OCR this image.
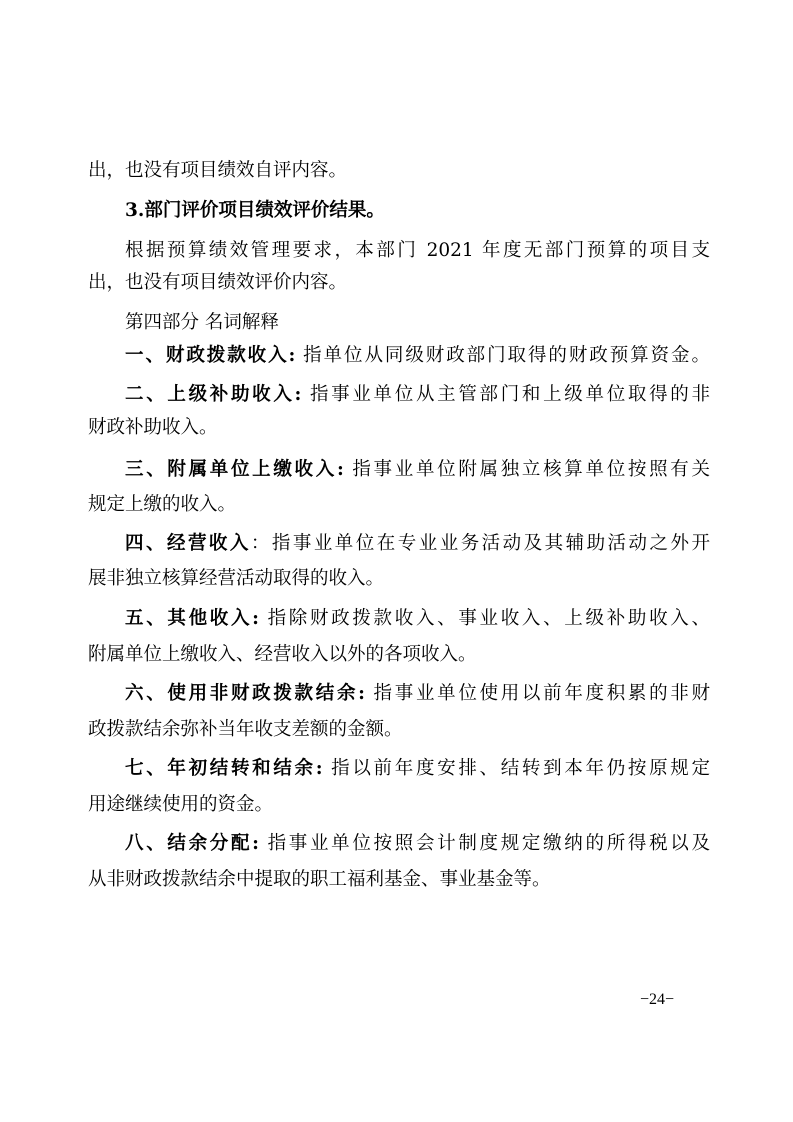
出，也没有项目绩效自评内容。
3.部门评价项目绩效评价结果。
根据预算绩效管理要求，本部门 2021 年度无部门预算的项目支
出，也没有项目绩效评价内容。
第四部分 名词解释
一、财政拨款收入: 指单位从同级财政部门取得的财政预算资金。
二、上级补助收入: 指事业单位从主管部门和上级单位取得的非
财政补助收入。
三、附属单位上缴收入: 指事业单位附属独立核算单位按照有关
规定上缴的收入。
四、经营收入：指事业单位在专业业务活动及其辅助活动之外开
展非独立核算经营活动取得的收入。
五、其他收入: 指除财政拨款收入、事业收入、上级补助收入、
附属单位上缴收入、经营收入以外的各项收入。
六、使用非财政拨款结余: 指事业单位使用以前年度积累的非财
政拨款结余弥补当年收支差额的金额。
七、年初结转和结余: 指以前年度安排、结转到本年仍按原规定
用途继续使用的资金。
八、结余分配: 指事业单位按照会计制度规定缴纳的所得税以及
从非财政拨款结余中提取的职工福利基金、事业基金等。
−24−
